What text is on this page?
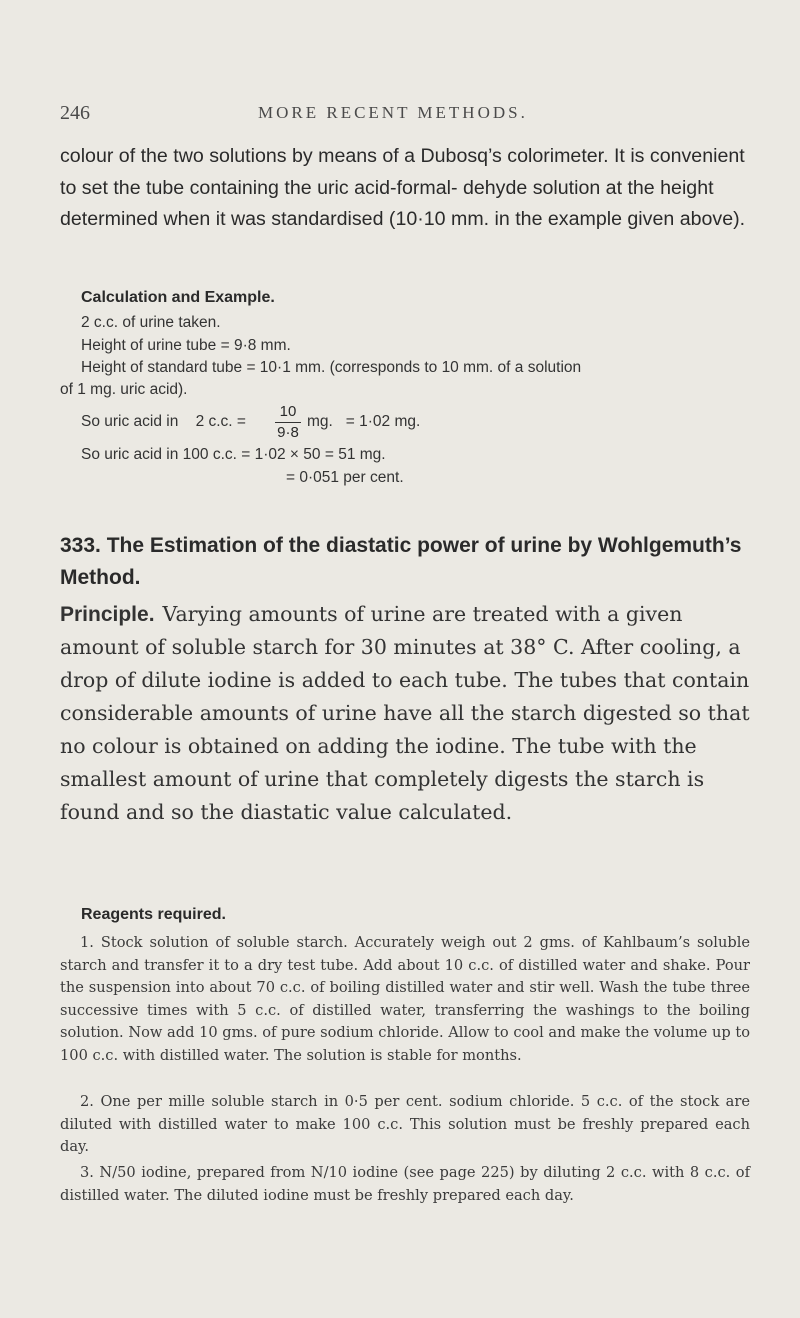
246	MORE RECENT METHODS.
colour of the two solutions by means of a Dubosq’s colorimeter. It is convenient to set the tube containing the uric acid-formal- dehyde solution at the height determined when it was standardised (10·10 mm. in the example given above).
Calculation and Example.
2 c.c. of urine taken.
Height of urine tube = 9·8 mm.
Height of standard tube = 10·1 mm. (corresponds to 10 mm. of a solution
of 1 mg. uric acid).
So uric acid in    2 c.c. =
10
9·8
mg.   = 1·02 mg.
So uric acid in 100 c.c. = 1·02 × 50 = 51 mg.
= 0·051 per cent.
333. The Estimation of the diastatic power of urine by Wohlgemuth’s Method.
Principle. Varying amounts of urine are treated with a given amount of soluble starch for 30 minutes at 38° C. After cooling, a drop of dilute iodine is added to each tube. The tubes that contain considerable amounts of urine have all the starch digested so that no colour is obtained on adding the iodine. The tube with the smallest amount of urine that completely digests the starch is found and so the diastatic value calculated.
Reagents required.

1. Stock solution of soluble starch. Accurately weigh out 2 gms. of Kahlbaum’s soluble starch and transfer it to a dry test tube. Add about 10 c.c. of distilled water and shake. Pour the suspension into about 70 c.c. of boiling distilled water and stir well. Wash the tube three successive times with 5 c.c. of distilled water, transferring the washings to the boiling solution. Now add 10 gms. of pure sodium chloride. Allow to cool and make the volume up to 100 c.c. with distilled water. The solution is stable for months.

2. One per mille soluble starch in 0·5 per cent. sodium chloride. 5 c.c. of the stock are diluted with distilled water to make 100 c.c. This solution must be freshly prepared each day.

3. N/50 iodine, prepared from N/10 iodine (see page 225) by diluting 2 c.c. with 8 c.c. of distilled water. The diluted iodine must be freshly prepared each day.
